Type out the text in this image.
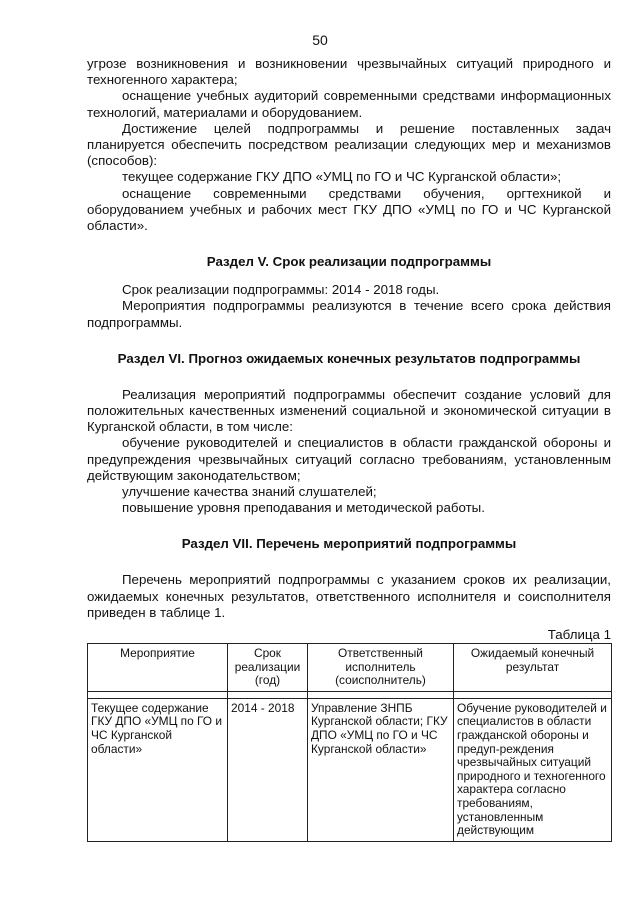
50

угрозе возникновения и возникновении чрезвычайных ситуаций природного и техногенного характера;

оснащение учебных аудиторий современными средствами информационных технологий, материалами и оборудованием.

Достижение целей подпрограммы и решение поставленных задач планируется обеспечить посредством реализации следующих мер и механизмов (способов):

текущее содержание ГКУ ДПО «УМЦ по ГО и ЧС Курганской области»;

оснащение современными средствами обучения, оргтехникой и оборудованием учебных и рабочих мест ГКУ ДПО «УМЦ по ГО и ЧС Курганской области».

Раздел V. Срок реализации подпрограммы

Срок реализации подпрограммы: 2014 - 2018 годы.

Мероприятия подпрограммы реализуются в течение всего срока действия подпрограммы.

Раздел VI. Прогноз ожидаемых конечных результатов подпрограммы

Реализация мероприятий подпрограммы обеспечит создание условий для положительных качественных изменений социальной и экономической ситуации в Курганской области, в том числе:

обучение руководителей и специалистов в области гражданской обороны и предупреждения чрезвычайных ситуаций согласно требованиям, установленным действующим законодательством;

улучшение качества знаний слушателей;

повышение уровня преподавания и методической работы.

Раздел VII. Перечень мероприятий подпрограммы

Перечень мероприятий подпрограммы с указанием сроков их реализации, ожидаемых конечных результатов, ответственного исполнителя и соисполнителя приведен в таблице 1.

Таблица 1
Мероприятие	Срок реализации (год)	Ответственный исполнитель (соисполнитель)	Ожидаемый конечный результат

Текущее содержание ГКУ ДПО «УМЦ по ГО и ЧС Курганской области»	2014 - 2018	Управление ЗНПБ Курганской области; ГКУ ДПО «УМЦ по ГО и ЧС Курганской области»	Обучение руководителей и специалистов в области гражданской обороны и предуп-реждения чрезвычайных ситуаций природного и техногенного характера согласно требованиям, установленным действующим
